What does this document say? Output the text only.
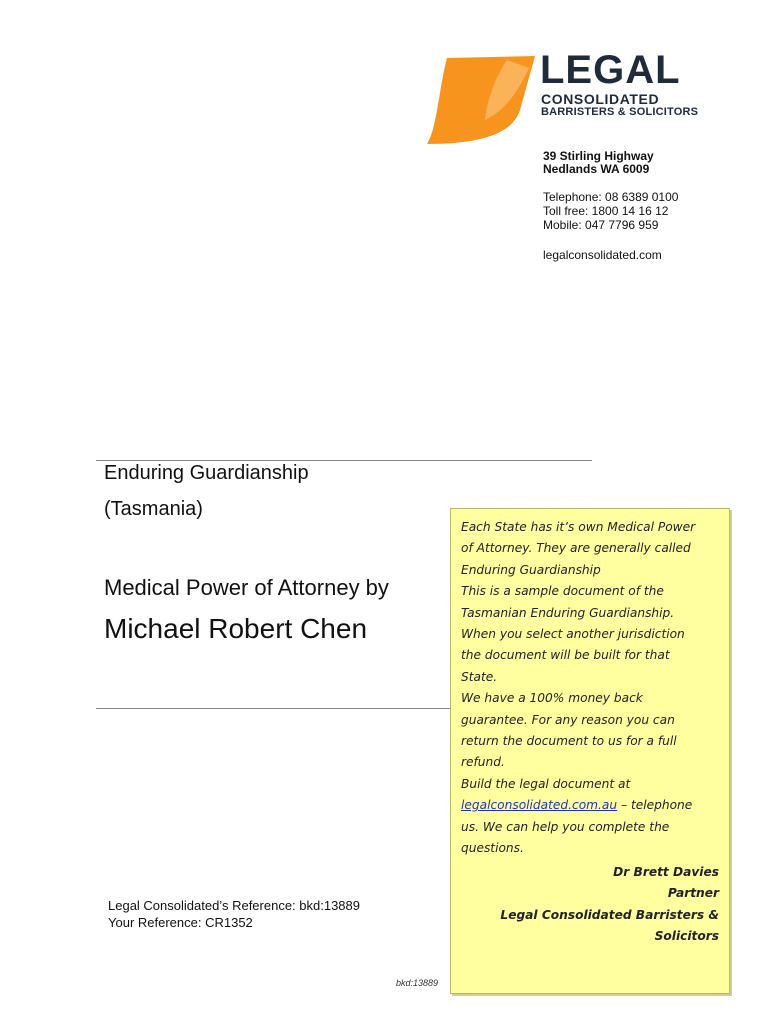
LEGAL
CONSOLIDATED
BARRISTERS & SOLICITORS
39 Stirling Highway
Nedlands WA 6009
Telephone: 08 6389 0100
Toll free: 1800 14 16 12
Mobile: 047 7796 959
legalconsolidated.com
Enduring Guardianship
(Tasmania)
Medical Power of Attorney by
Michael Robert Chen
Legal Consolidated’s Reference: bkd:13889
Your Reference: CR1352
bkd:13889
Each State has it’s own Medical Power
of Attorney. They are generally called
Enduring Guardianship
This is a sample document of the
Tasmanian Enduring Guardianship.
When you select another jurisdiction
the document will be built for that
State.
We have a 100% money back
guarantee. For any reason you can
return the document to us for a full
refund.
Build the legal document at
legalconsolidated.com.au – telephone
us. We can help you complete the
questions.
Dr Brett Davies
Partner
Legal Consolidated Barristers &
Solicitors
